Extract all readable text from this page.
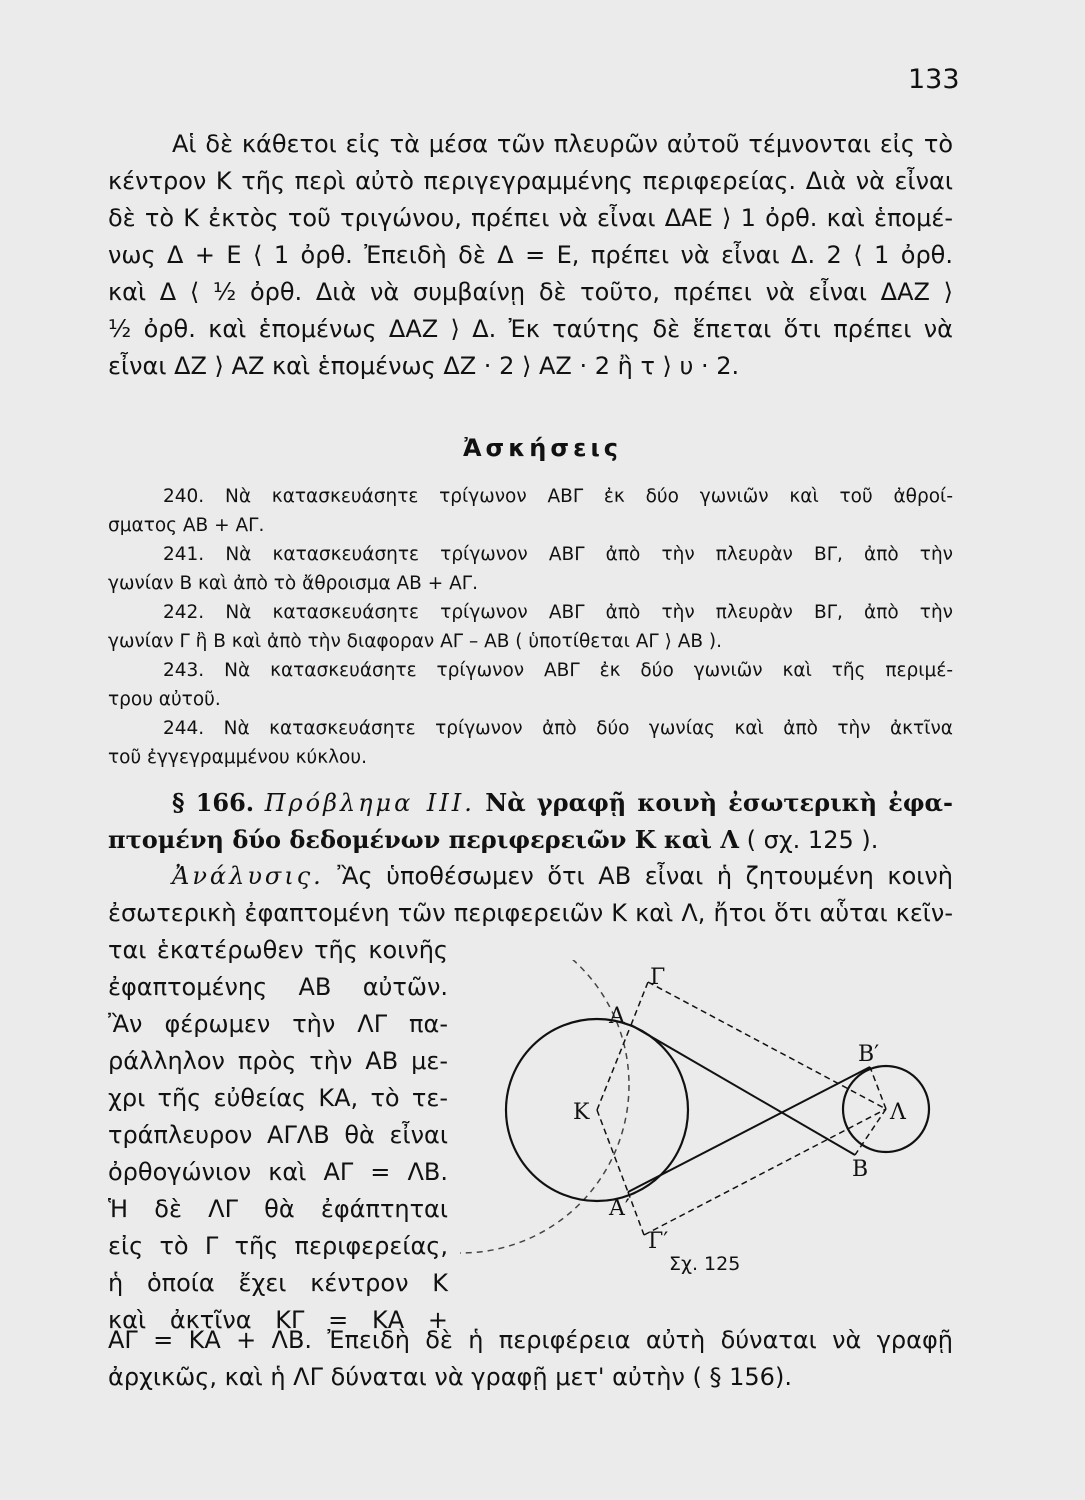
133
Αἱ δὲ κάθετοι εἰς τὰ μέσα τῶν πλευρῶν αὐτοῦ τέμνονται εἰς τὸ
κέντρον Κ τῆς περὶ αὐτὸ περιγεγραμμένης περιφερείας. Διὰ νὰ εἶναι
δὲ τὸ Κ ἐκτὸς τοῦ τριγώνου, πρέπει νὰ εἶναι ΔΑΕ ⟩ 1 ὀρθ. καὶ ἑπομέ-
νως Δ + Ε ⟨ 1 ὀρθ. Ἐπειδὴ δὲ Δ = Ε, πρέπει νὰ εἶναι Δ. 2 ⟨ 1 ὀρθ.
καὶ Δ ⟨ ½ ὀρθ. Διὰ νὰ συμβαίνῃ δὲ τοῦτο, πρέπει νὰ εἶναι ΔΑΖ ⟩
½ ὀρθ. καὶ ἑπομένως ΔΑΖ ⟩ Δ. Ἐκ ταύτης δὲ ἕπεται ὅτι πρέπει νὰ
εἶναι ΔΖ ⟩ ΑΖ καὶ ἑπομένως ΔΖ · 2 ⟩ ΑΖ · 2 ἢ τ ⟩ υ · 2.
Ἀσκήσεις
240. Νὰ κατασκευάσητε τρίγωνον ΑΒΓ ἐκ δύο γωνιῶν καὶ τοῦ ἀθροί-
σματος ΑΒ + ΑΓ.
241. Νὰ κατασκευάσητε τρίγωνον ΑΒΓ ἀπὸ τὴν πλευρὰν ΒΓ, ἀπὸ τὴν
γωνίαν Β καὶ ἀπὸ τὸ ἄθροισμα ΑΒ + ΑΓ.
242. Νὰ κατασκευάσητε τρίγωνον ΑΒΓ ἀπὸ τὴν πλευρὰν ΒΓ, ἀπὸ τὴν
γωνίαν Γ ἢ Β καὶ ἀπὸ τὴν διαφοραν ΑΓ – ΑΒ ( ὑποτίθεται ΑΓ ⟩ ΑΒ ).
243. Νὰ κατασκευάσητε τρίγωνον ΑΒΓ ἐκ δύο γωνιῶν καὶ τῆς περιμέ-
τρου αὐτοῦ.
244. Νὰ κατασκευάσητε τρίγωνον ἀπὸ δύο γωνίας καὶ ἀπὸ τὴν ἀκτῖνα
τοῦ ἐγγεγραμμένου κύκλου.
§ 166. Πρόβλημα ΙΙΙ. Νὰ γραφῇ κοινὴ ἐσωτερικὴ ἐφα-
πτομένη δύο δεδομένων περιφερειῶν Κ καὶ Λ ( σχ. 125 ).
Ἀνάλυσις. Ἂς ὑποθέσωμεν ὅτι ΑΒ εἶναι ἡ ζητουμένη κοινὴ
ἐσωτερικὴ ἐφαπτομένη τῶν περιφερειῶν Κ καὶ Λ, ἤτοι ὅτι αὗται κεῖν-
ται ἑκατέρωθεν τῆς κοινῆς
ἐφαπτομένης ΑΒ αὐτῶν.
Ἂν φέρωμεν τὴν ΛΓ πα-
ράλληλον πρὸς τὴν ΑΒ με-
χρι τῆς εὐθείας ΚΑ, τὸ τε-
τράπλευρον ΑΓΛΒ θὰ εἶναι
ὀρθογώνιον καὶ ΑΓ = ΛΒ.
Ἡ δὲ ΛΓ θὰ ἐφάπτηται
εἰς τὸ Γ τῆς περιφερείας,
ἡ ὁποία ἔχει κέντρον Κ
καὶ ἀκτῖνα ΚΓ = ΚΑ +
ΑΓ = ΚΑ + ΛΒ. Ἐπειδὴ δὲ ἡ περιφέρεια αὐτὴ δύναται νὰ γραφῇ
ἀρχικῶς, καὶ ἡ ΛΓ δύναται νὰ γραφῇ μετ' αὐτὴν ( § 156).
Α
Γ
Κ	Λ
Β′
Β
Α′
Γ′
Σχ. 125
